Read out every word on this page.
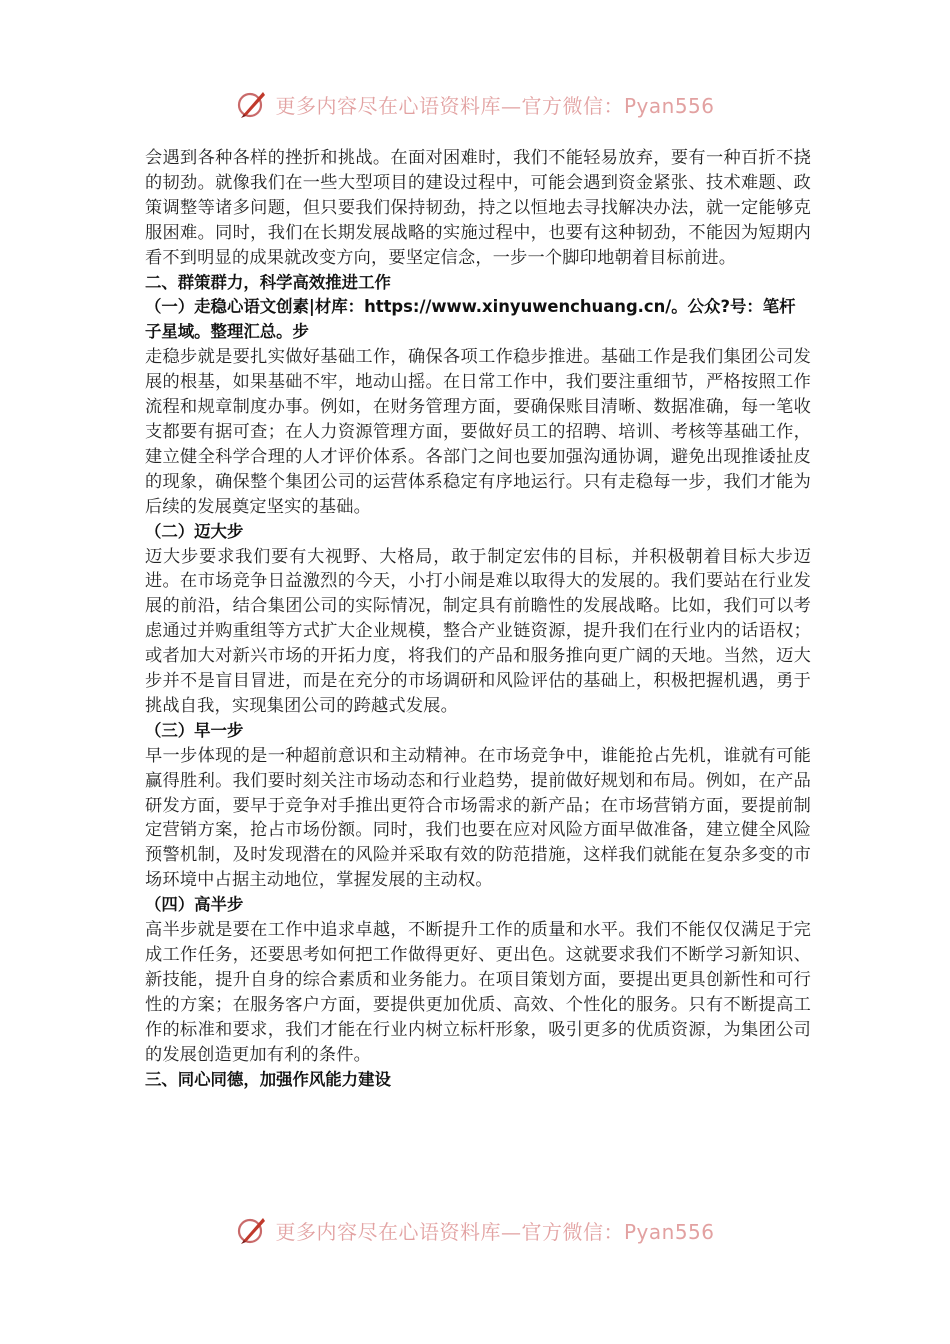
更多内容尽在心语资料库—官方微信：Pyan556

会遇到各种各样的挫折和挑战。在面对困难时，我们不能轻易放弃，要有一种百折不挠的韧劲。就像我们在一些大型项目的建设过程中，可能会遇到资金紧张、技术难题、政策调整等诸多问题，但只要我们保持韧劲，持之以恒地去寻找解决办法，就一定能够克服困难。同时，我们在长期发展战略的实施过程中，也要有这种韧劲，不能因为短期内看不到明显的成果就改变方向，要坚定信念，一步一个脚印地朝着目标前进。

二、群策群力，科学高效推进工作

（一）走稳心语文创素|材库：https://www.xinyuwenchuang.cn/。公众?号：笔杆子星域。整理汇总。步

走稳步就是要扎实做好基础工作，确保各项工作稳步推进。基础工作是我们集团公司发展的根基，如果基础不牢，地动山摇。在日常工作中，我们要注重细节，严格按照工作流程和规章制度办事。例如，在财务管理方面，要确保账目清晰、数据准确，每一笔收支都要有据可查；在人力资源管理方面，要做好员工的招聘、培训、考核等基础工作，建立健全科学合理的人才评价体系。各部门之间也要加强沟通协调，避免出现推诿扯皮的现象，确保整个集团公司的运营体系稳定有序地运行。只有走稳每一步，我们才能为后续的发展奠定坚实的基础。

（二）迈大步

迈大步要求我们要有大视野、大格局，敢于制定宏伟的目标，并积极朝着目标大步迈进。在市场竞争日益激烈的今天，小打小闹是难以取得大的发展的。我们要站在行业发展的前沿，结合集团公司的实际情况，制定具有前瞻性的发展战略。比如，我们可以考虑通过并购重组等方式扩大企业规模，整合产业链资源，提升我们在行业内的话语权；或者加大对新兴市场的开拓力度，将我们的产品和服务推向更广阔的天地。当然，迈大步并不是盲目冒进，而是在充分的市场调研和风险评估的基础上，积极把握机遇，勇于挑战自我，实现集团公司的跨越式发展。

（三）早一步

早一步体现的是一种超前意识和主动精神。在市场竞争中，谁能抢占先机，谁就有可能赢得胜利。我们要时刻关注市场动态和行业趋势，提前做好规划和布局。例如，在产品研发方面，要早于竞争对手推出更符合市场需求的新产品；在市场营销方面，要提前制定营销方案，抢占市场份额。同时，我们也要在应对风险方面早做准备，建立健全风险预警机制，及时发现潜在的风险并采取有效的防范措施，这样我们就能在复杂多变的市场环境中占据主动地位，掌握发展的主动权。

（四）高半步

高半步就是要在工作中追求卓越，不断提升工作的质量和水平。我们不能仅仅满足于完成工作任务，还要思考如何把工作做得更好、更出色。这就要求我们不断学习新知识、新技能，提升自身的综合素质和业务能力。在项目策划方面，要提出更具创新性和可行性的方案；在服务客户方面，要提供更加优质、高效、个性化的服务。只有不断提高工作的标准和要求，我们才能在行业内树立标杆形象，吸引更多的优质资源，为集团公司的发展创造更加有利的条件。

三、同心同德，加强作风能力建设

更多内容尽在心语资料库—官方微信：Pyan556
